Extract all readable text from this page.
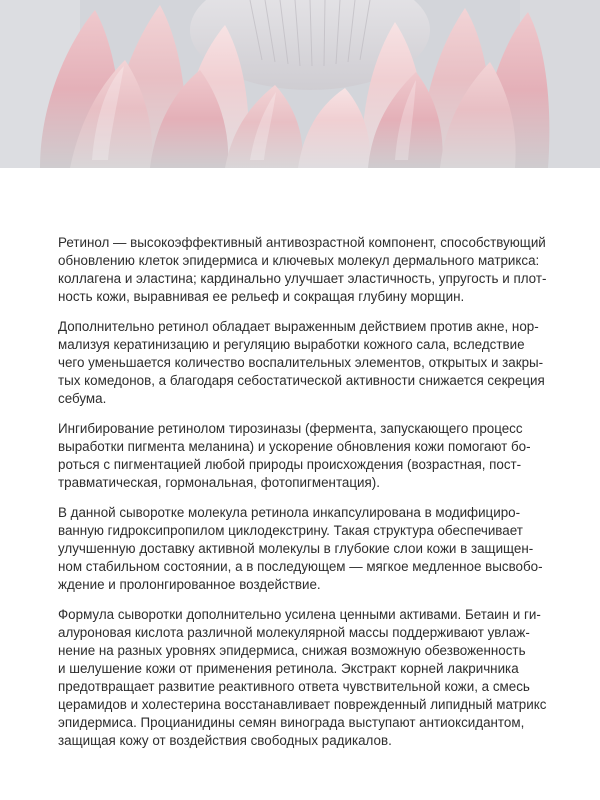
Ретинол — высокоэффективный антивозрастной компонент, способствующий
обновлению клеток эпидермиса и ключевых молекул дермального матрикса:
коллагена и эластина; кардинально улучшает эластичность, упругость и плот-
ность кожи, выравнивая ее рельеф и сокращая глубину морщин.

Дополнительно ретинол обладает выраженным действием против акне, нор-
мализуя кератинизацию и регуляцию выработки кожного сала, вследствие
чего уменьшается количество воспалительных элементов, открытых и закры-
тых комедонов, а благодаря себостатической активности снижается секреция
себума.

Ингибирование ретинолом тирозиназы (фермента, запускающего процесс
выработки пигмента меланина) и ускорение обновления кожи помогают бо-
роться с пигментацией любой природы происхождения (возрастная, пост-
травматическая, гормональная, фотопигментация).

В данной сыворотке молекула ретинола инкапсулирована в модифициро-
ванную гидроксипропилом циклодекстрину. Такая структура обеспечивает
улучшенную доставку активной молекулы в глубокие слои кожи в защищен-
ном стабильном состоянии, а в последующем — мягкое медленное высвобо-
ждение и пролонгированное воздействие.

Формула сыворотки дополнительно усилена ценными активами. Бетаин и ги-
алуроновая кислота различной молекулярной массы поддерживают увлаж-
нение на разных уровнях эпидермиса, снижая возможную обезвоженность
и шелушение кожи от применения ретинола. Экстракт корней лакричника
предотвращает развитие реактивного ответа чувствительной кожи, а смесь
церамидов и холестерина восстанавливает поврежденный липидный матрикс
эпидермиса. Процианидины семян винограда выступают антиоксидантом,
защищая кожу от воздействия свободных радикалов.
